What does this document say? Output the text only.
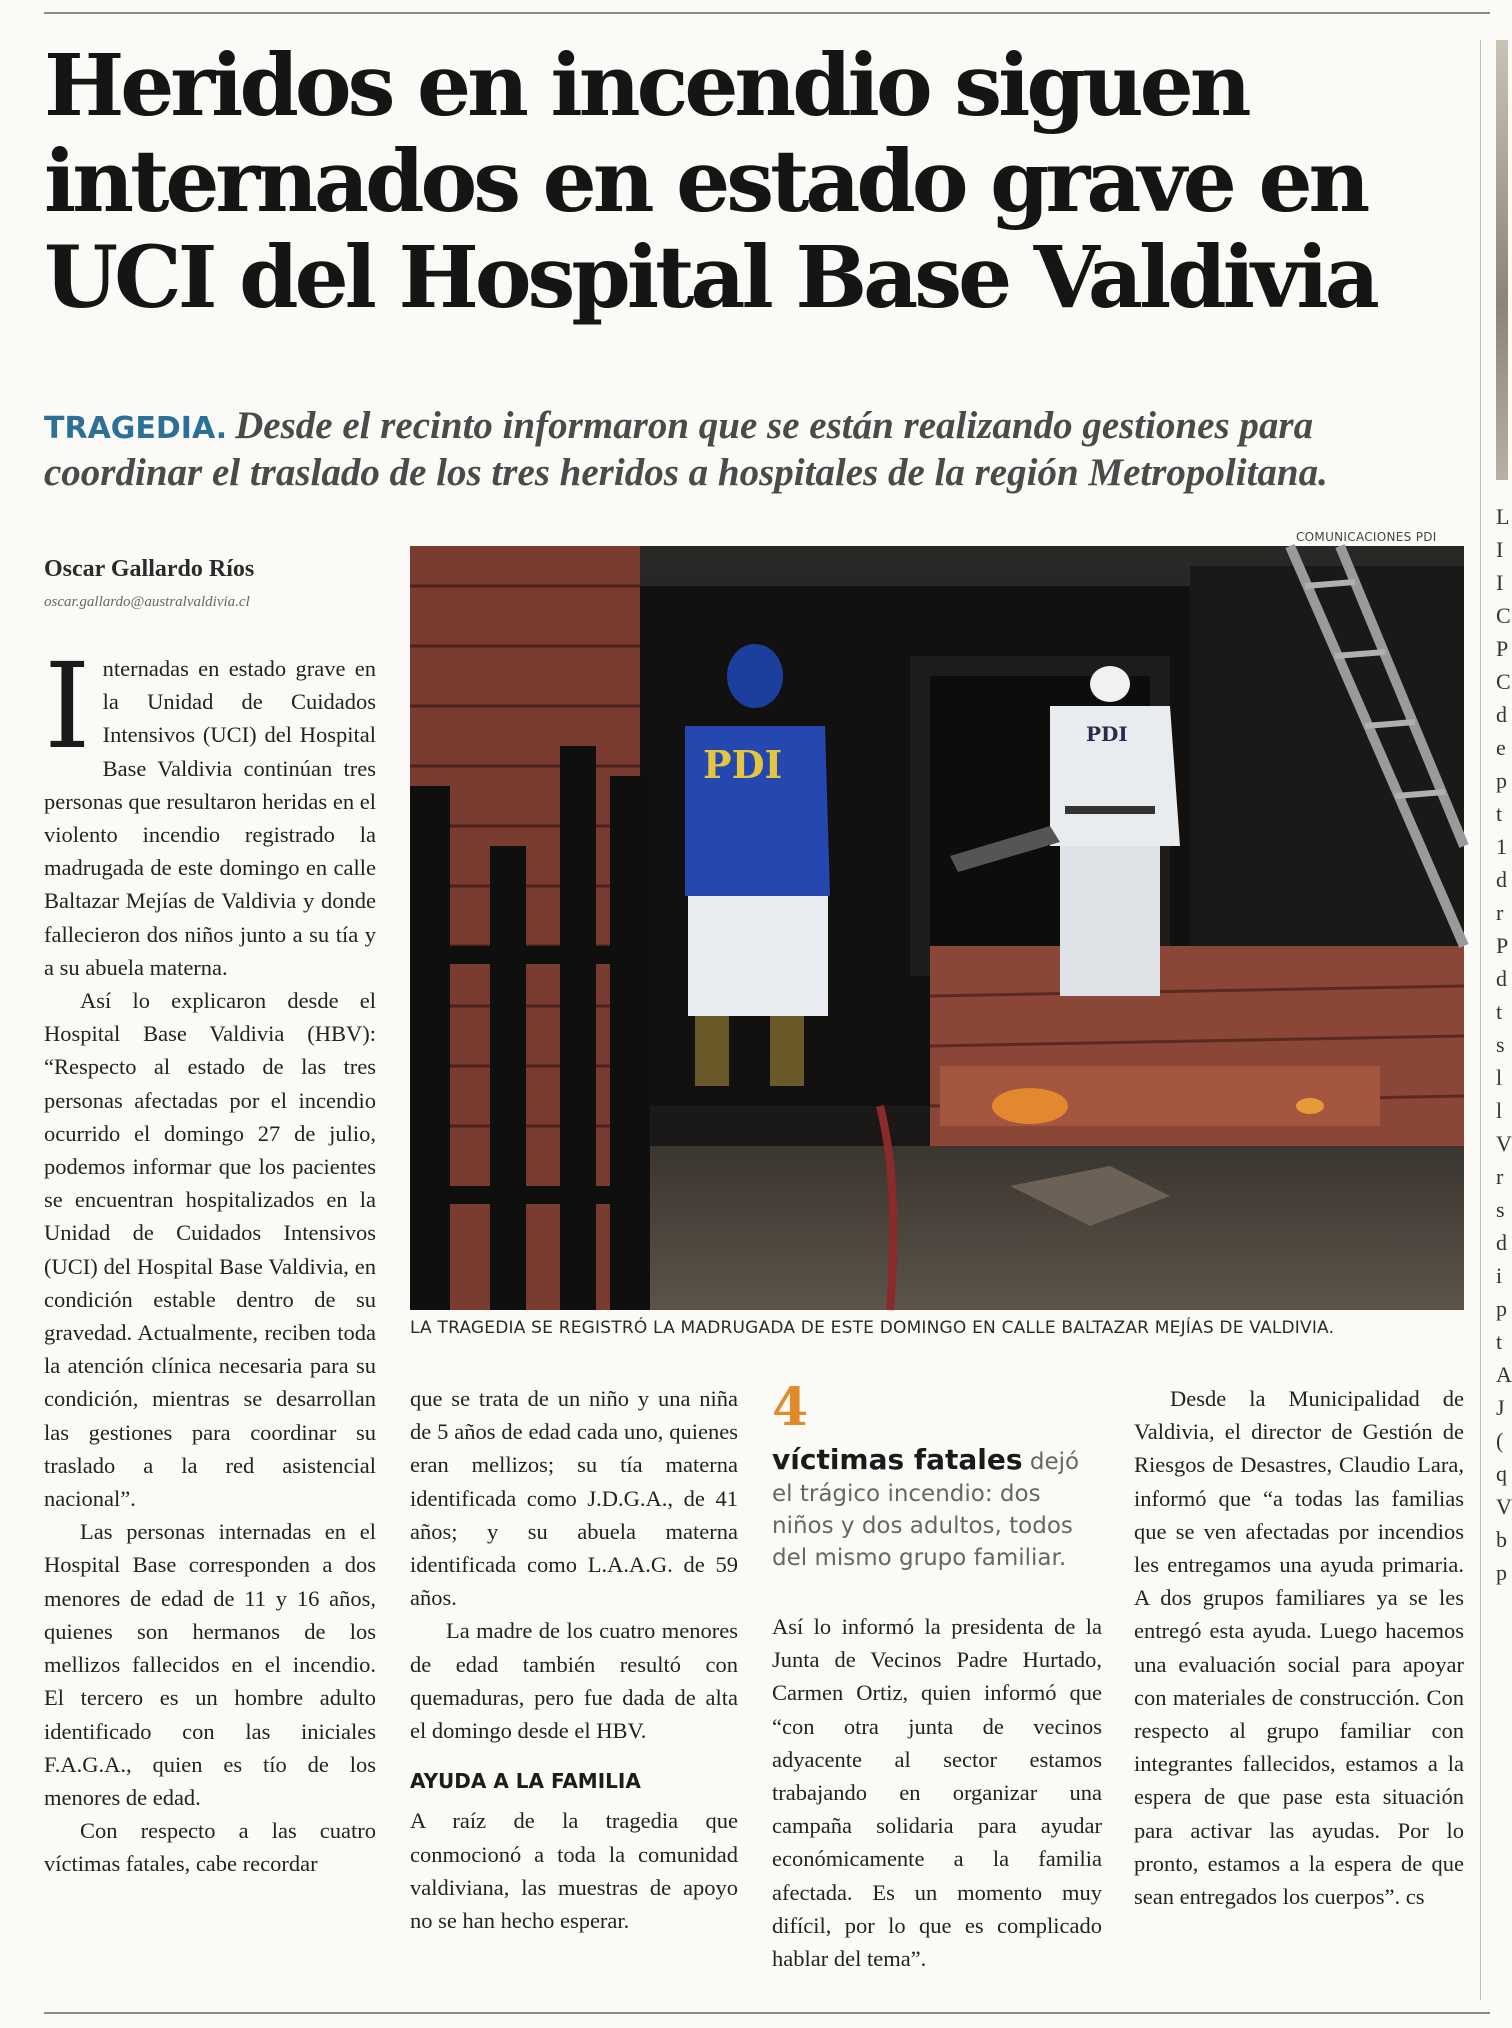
Heridos en incendio siguen
internados en estado grave en
UCI del Hospital Base Valdivia
TRAGEDIA. Desde el recinto informaron que se están realizando gestiones para coordinar el traslado de los tres heridos a hospitales de la región Metropolitana.
Oscar Gallardo Ríos
oscar.gallardo@australvaldivia.cl
COMUNICACIONES PDI
PDI
PDI
LA TRAGEDIA SE REGISTRÓ LA MADRUGADA DE ESTE DOMINGO EN CALLE BALTAZAR MEJÍAS DE VALDIVIA.

Internadas en estado grave en la Unidad de Cuidados Intensivos (UCI) del Hospital Base Valdivia continúan tres personas que resultaron heridas en el violento incendio registrado la madrugada de este domingo en calle Baltazar Mejías de Valdivia y donde fallecieron dos niños junto a su tía y a su abuela materna.

Así lo explicaron desde el Hospital Base Valdivia (HBV): “Respecto al estado de las tres personas afectadas por el incendio ocurrido el domingo 27 de julio, podemos informar que los pacientes se encuentran hospitalizados en la Unidad de Cuidados Intensivos (UCI) del Hospital Base Valdivia, en condición estable dentro de su gravedad. Actualmente, reciben toda la atención clínica necesaria para su condición, mientras se desarrollan las gestiones para coordinar su traslado a la red asistencial nacional”.

Las personas internadas en el Hospital Base corresponden a dos menores de edad de 11 y 16 años, quienes son hermanos de los mellizos fallecidos en el incendio. El tercero es un hombre adulto identificado con las iniciales F.A.G.A., quien es tío de los menores de edad.

Con respecto a las cuatro víctimas fatales, cabe recordar

que se trata de un niño y una niña de 5 años de edad cada uno, quienes eran mellizos; su tía materna identificada como J.D.G.A., de 41 años; y su abuela materna identificada como L.A.A.G. de 59 años.

La madre de los cuatro menores de edad también resultó con quemaduras, pero fue dada de alta el domingo desde el HBV.

AYUDA A LA FAMILIA

A raíz de la tragedia que conmocionó a toda la comunidad valdiviana, las muestras de apoyo no se han hecho esperar.

4
víctimas fatales dejó el trágico incendio: dos niños y dos adultos, todos del mismo grupo familiar.

Así lo informó la presidenta de la Junta de Vecinos Padre Hurtado, Carmen Ortiz, quien informó que “con otra junta de vecinos adyacente al sector estamos trabajando en organizar una campaña solidaria para ayudar económicamente a la familia afectada. Es un momento muy difícil, por lo que es complicado hablar del tema”.

Desde la Municipalidad de Valdivia, el director de Gestión de Riesgos de Desastres, Claudio Lara, informó que “a todas las familias que se ven afectadas por incendios les entregamos una ayuda primaria. A dos grupos familiares ya se les entregó esta ayuda. Luego hacemos una evaluación social para apoyar con materiales de construcción. Con respecto al grupo familiar con integrantes fallecidos, estamos a la espera de que pase esta situación para activar las ayudas. Por lo pronto, estamos a la espera de que sean entregados los cuerpos”. cs

L
I
I
C
P
C
d
e
p
t
1
d
r
P
d
t
s
l
l
V
r
s
d
i
p
t
A
J
(
q
V
b
p
